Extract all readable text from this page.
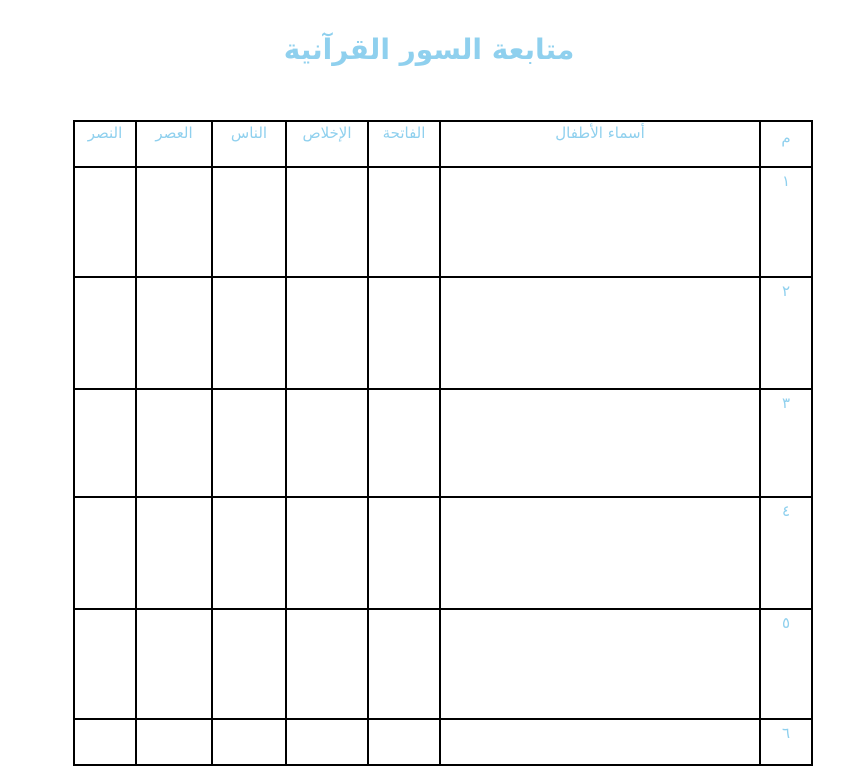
متابعة السور القرآنية
م	أسماء الأطفال	الفاتحة	الإخلاص	الناس	العصر	النصر
١						
٢						
٣						
٤						
٥						
٦						
